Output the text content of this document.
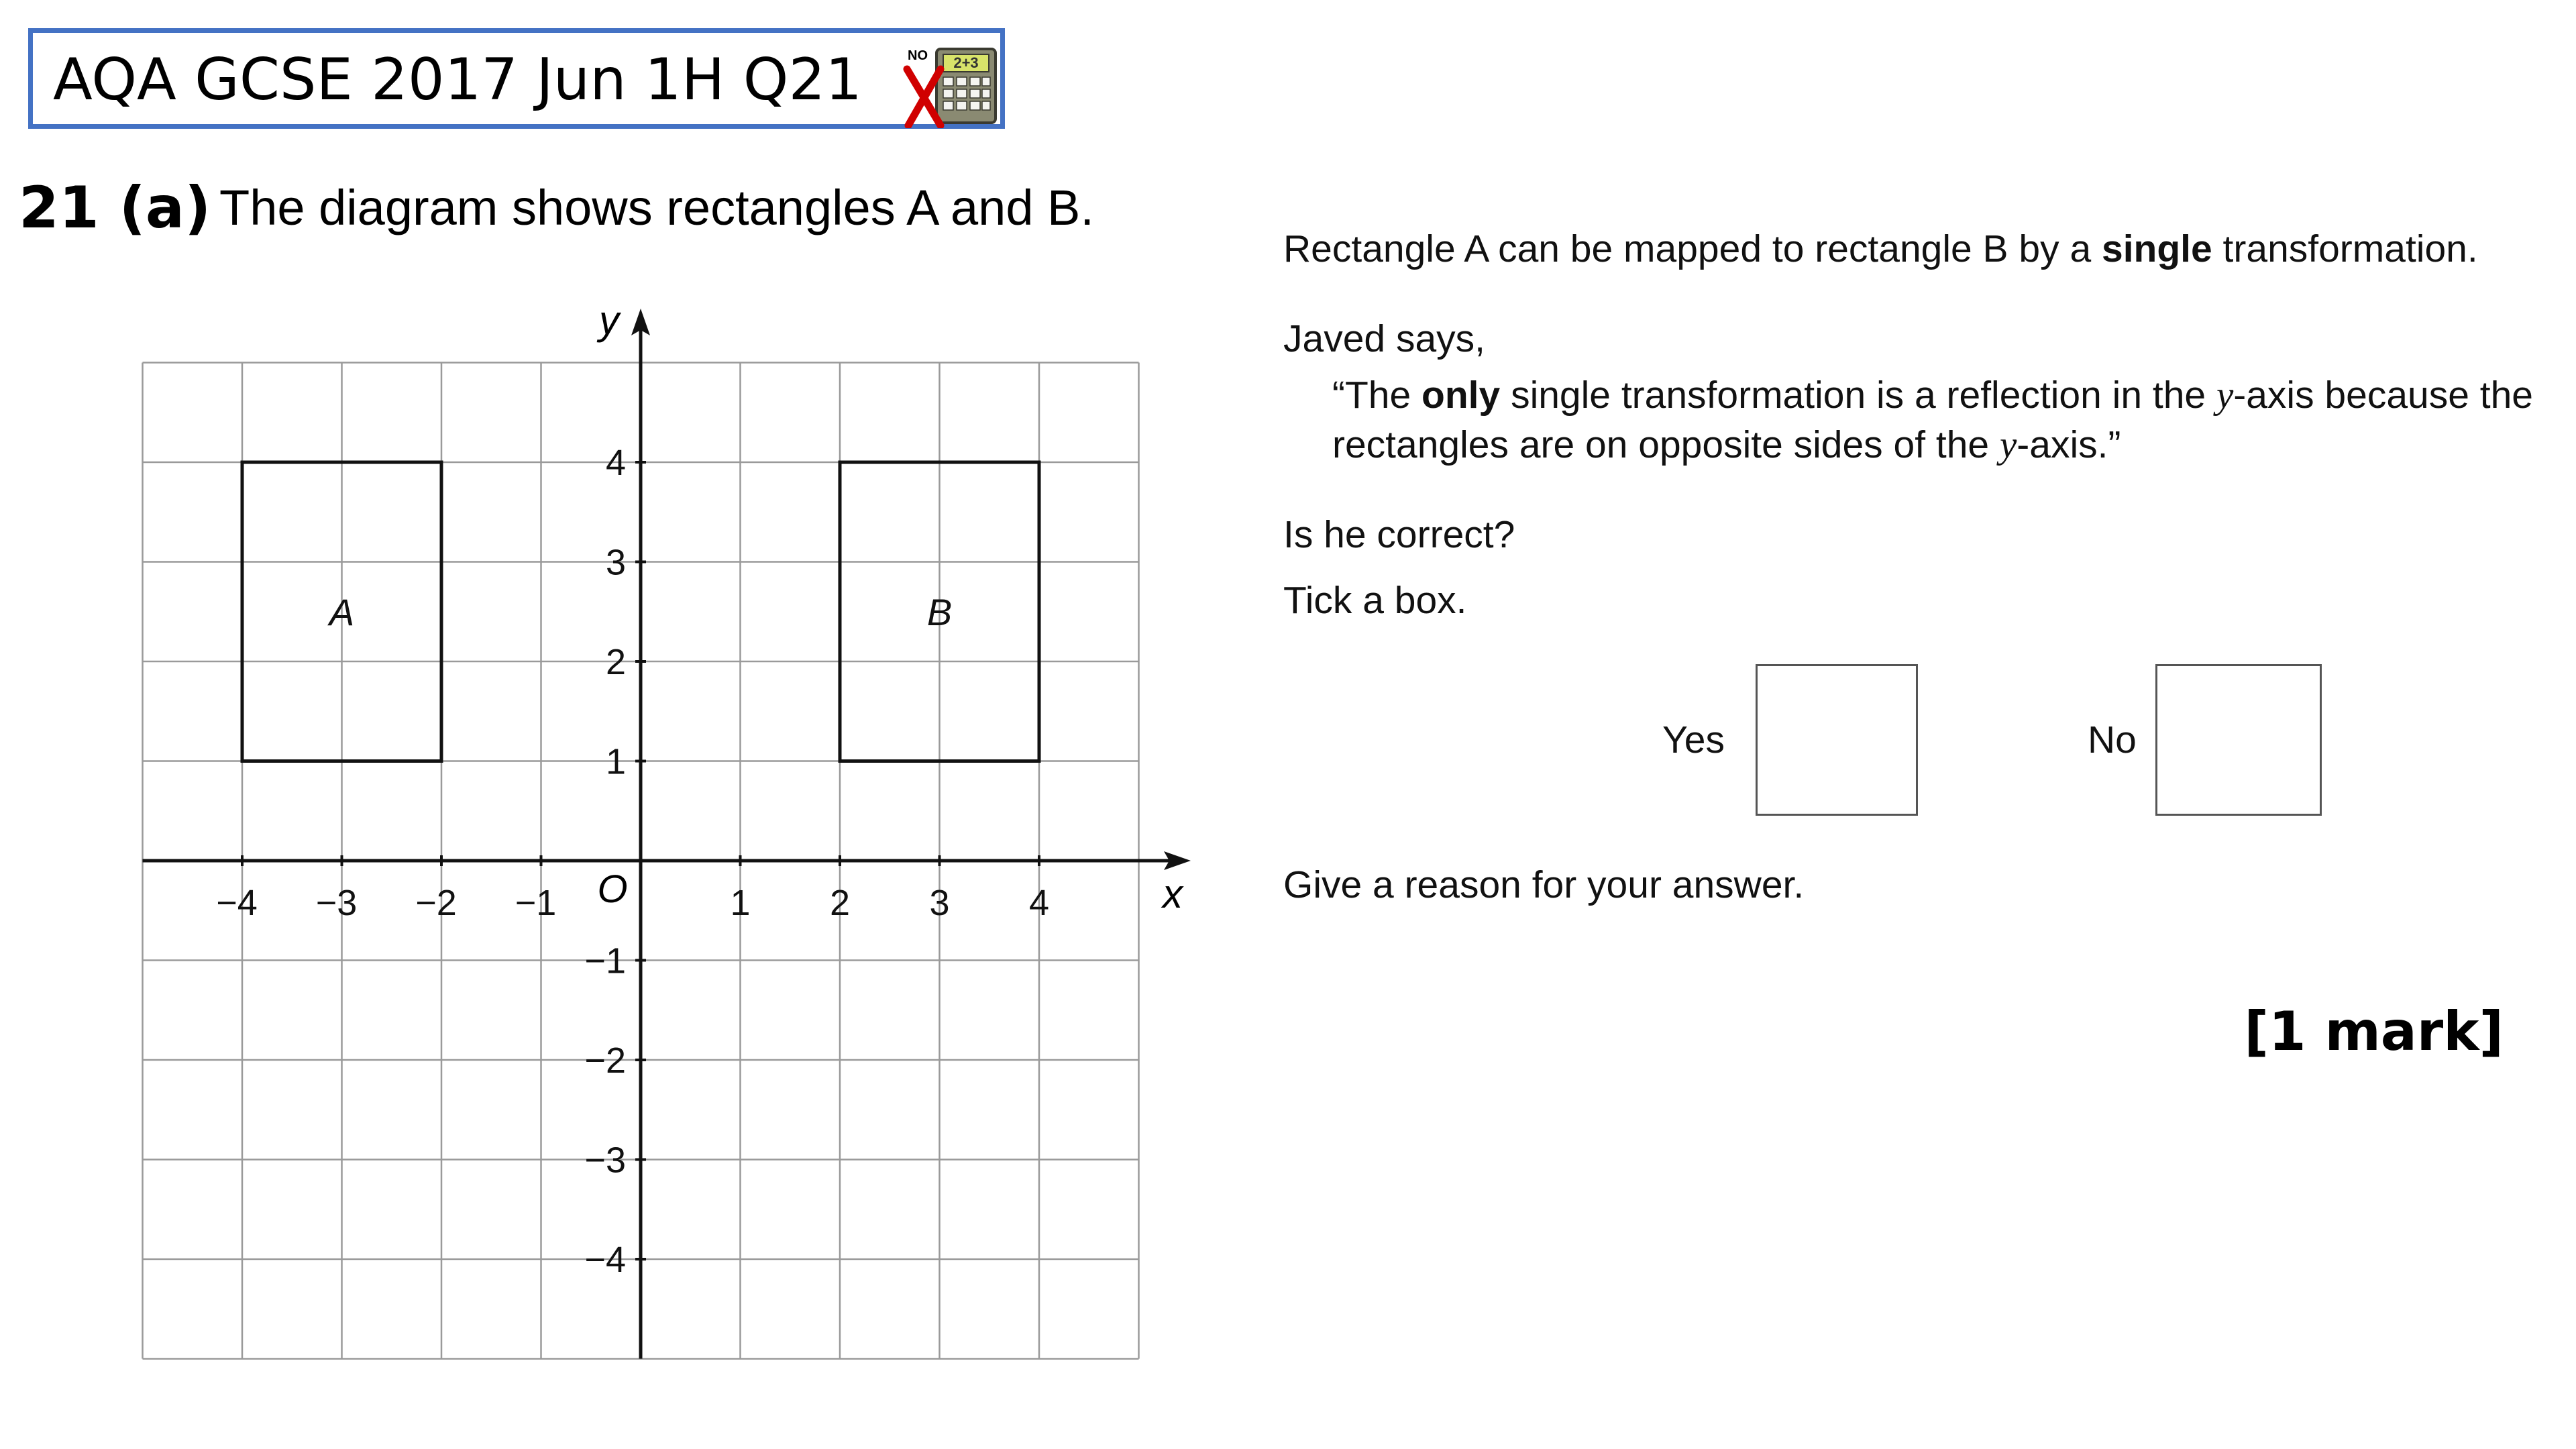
AQA GCSE 2017 Jun 1H Q21	2+3
NO
21 (a) The diagram shows rectangles A and B.
x
y
O
−4 −3 −2 −1	1 2 3 4
4
3
2
1
−1
−2
−3
−4
A	B
Rectangle A can be mapped to rectangle B by a single transformation.
Javed says,
“The only single transformation is a reflection in the y-axis because the
rectangles are on opposite sides of the y-axis.”
Is he correct?
Tick a box.
Yes	No
Give a reason for your answer.
[1 mark]
